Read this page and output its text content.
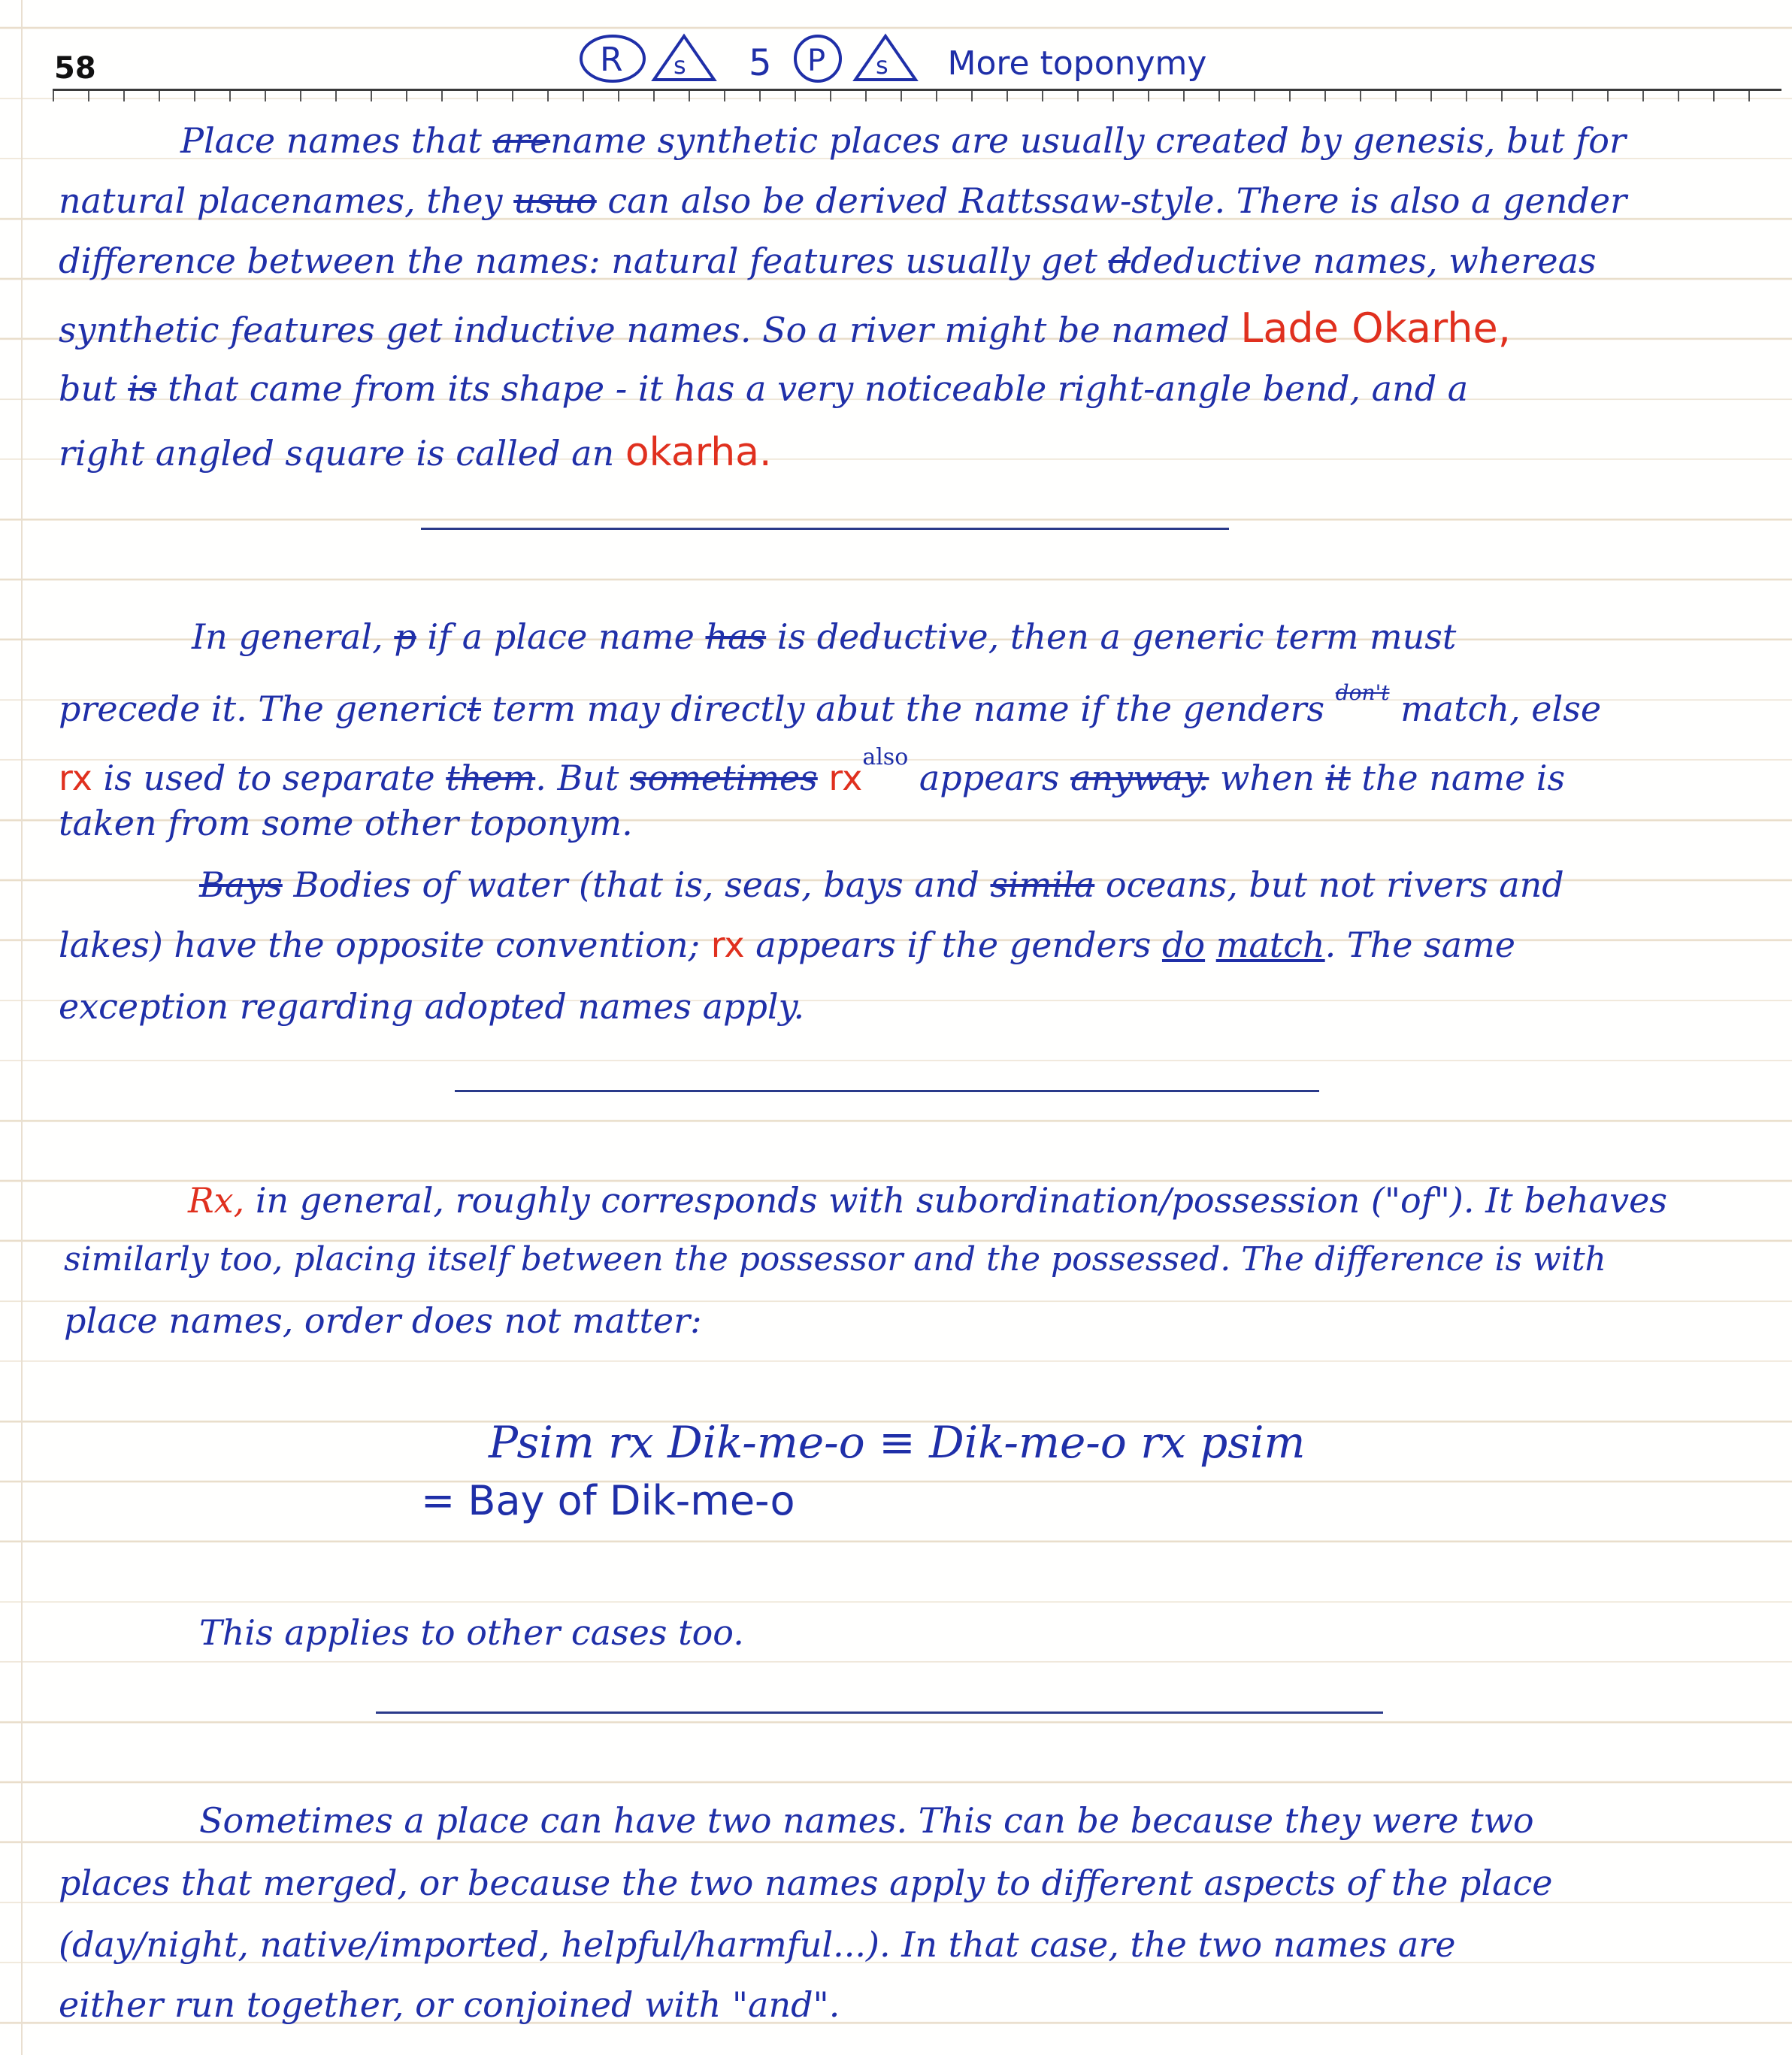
58	R s 5 P s More toponymy

Place names that arename synthetic places are usually created by genesis, but for

natural placenames, they usuo can also be derived Rattssaw-style. There is also a gender

difference between the names: natural features usually get ddeductive names, whereas

synthetic features get inductive names. So a river might be named Lade Okarhe,

but is that came from its shape - it has a very noticeable right-angle bend, and a

right angled square is called an okarha.

In general, p if a place name has is deductive, then a generic term must

precede it. The generict term may directly abut the name if the genders $^{don't}$ match, else

rx is used to separate them. But sometimes $rx^{also}$ appears anyway. when it the name is

taken from some other toponym.

Bays Bodies of water (that is, seas, bays and simila oceans, but not rivers and

lakes) have the opposite convention; rx appears if the genders do match. The same

exception regarding adopted names apply.

Rx, in general, roughly corresponds with subordination/possession ("of"). It behaves

similarly too, placing itself between the possessor and the possessed. The difference is with

place names, order does not matter:

Psim rx Dik-me-o ≡ Dik-me-o rx psim

= Bay of Dik-me-o

This applies to other cases too.

Sometimes a place can have two names. This can be because they were two

places that merged, or because the two names apply to different aspects of the place

(day/night, native/imported, helpful/harmful...). In that case, the two names are

either run together, or conjoined with "and".
